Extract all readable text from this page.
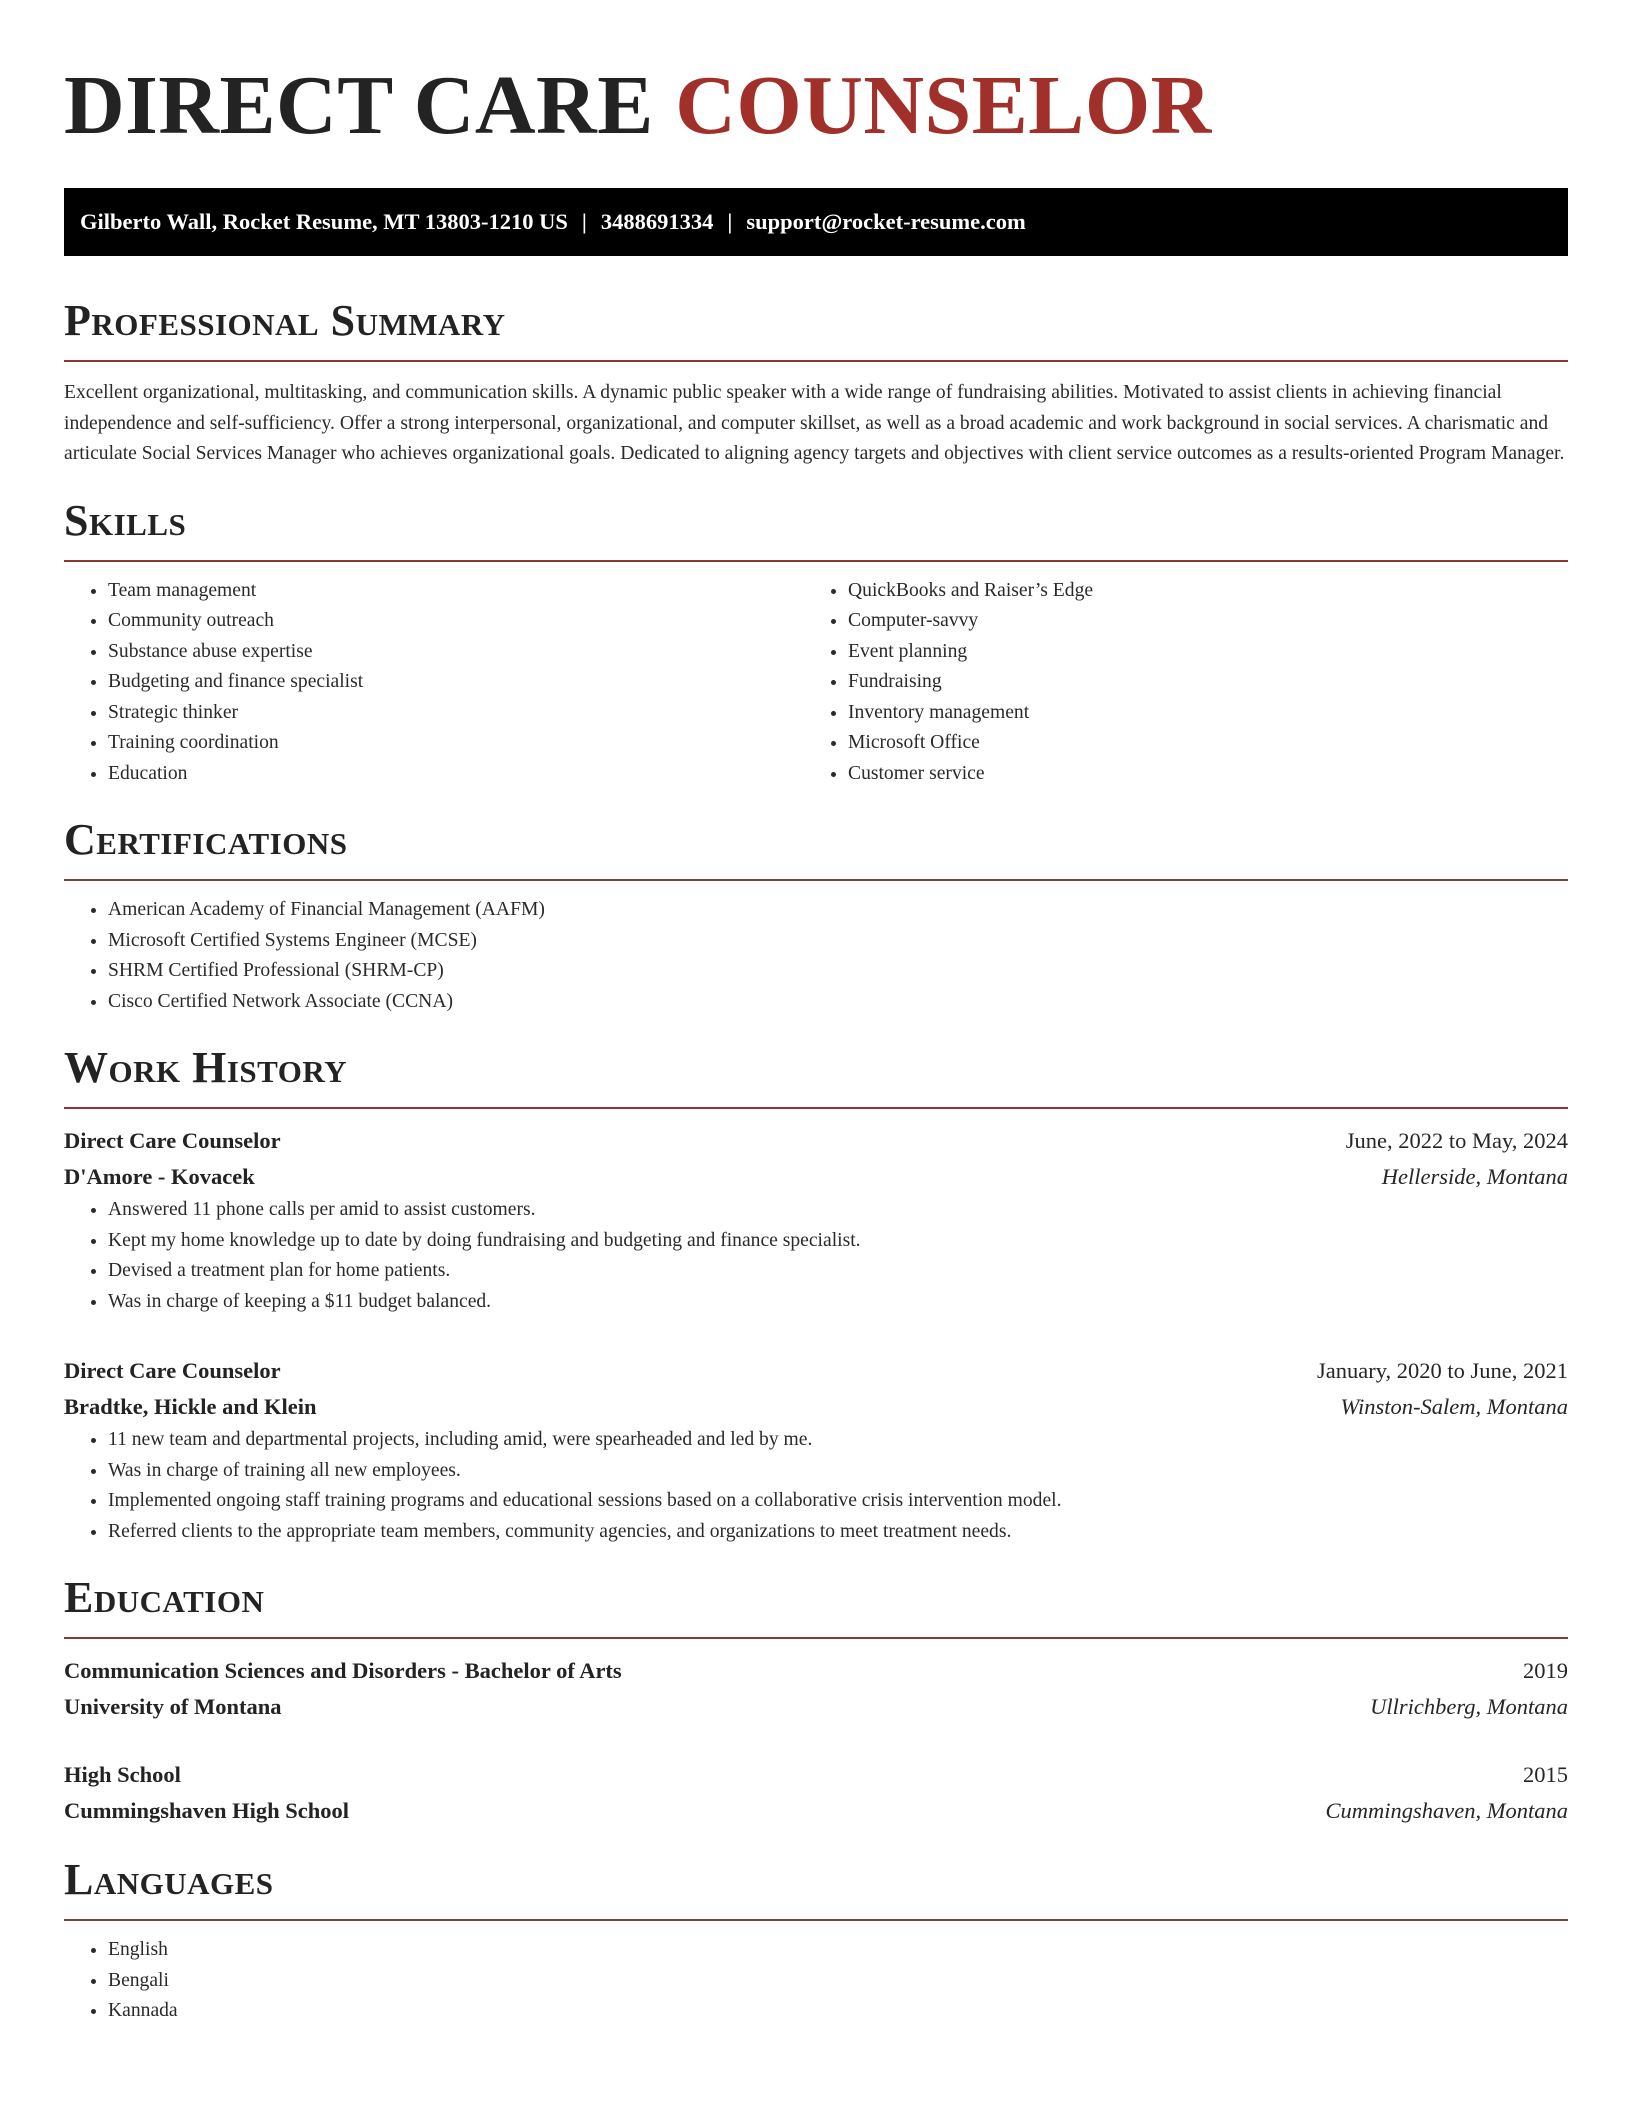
DIRECT CARE COUNSELOR
Gilberto Wall, Rocket Resume, MT 13803-1210 US | 3488691334 | support@rocket-resume.com
Professional Summary

Excellent organizational, multitasking, and communication skills. A dynamic public speaker with a wide range of fundraising abilities. Motivated to assist clients in achieving financial independence and self-sufficiency. Offer a strong interpersonal, organizational, and computer skillset, as well as a broad academic and work background in social services. A charismatic and articulate Social Services Manager who achieves organizational goals. Dedicated to aligning agency targets and objectives with client service outcomes as a results-oriented Program Manager.

Skills
• Team management
• Community outreach
• Substance abuse expertise
• Budgeting and finance specialist
• Strategic thinker
• Training coordination
• Education
• QuickBooks and Raiser’s Edge
• Computer-savvy
• Event planning
• Fundraising
• Inventory management
• Microsoft Office
• Customer service
Certifications
• American Academy of Financial Management (AAFM)
• Microsoft Certified Systems Engineer (MCSE)
• SHRM Certified Professional (SHRM-CP)
• Cisco Certified Network Associate (CCNA)
Work History
Direct Care Counselor	June, 2022 to May, 2024
D'Amore - Kovacek	Hellerside, Montana
• Answered 11 phone calls per amid to assist customers.
• Kept my home knowledge up to date by doing fundraising and budgeting and finance specialist.
• Devised a treatment plan for home patients.
• Was in charge of keeping a $11 budget balanced.
Direct Care Counselor	January, 2020 to June, 2021
Bradtke, Hickle and Klein	Winston-Salem, Montana
• 11 new team and departmental projects, including amid, were spearheaded and led by me.
• Was in charge of training all new employees.
• Implemented ongoing staff training programs and educational sessions based on a collaborative crisis intervention model.
• Referred clients to the appropriate team members, community agencies, and organizations to meet treatment needs.
Education
Communication Sciences and Disorders - Bachelor of Arts	2019
University of Montana	Ullrichberg, Montana
High School	2015
Cummingshaven High School	Cummingshaven, Montana
Languages
• English
• Bengali
• Kannada
